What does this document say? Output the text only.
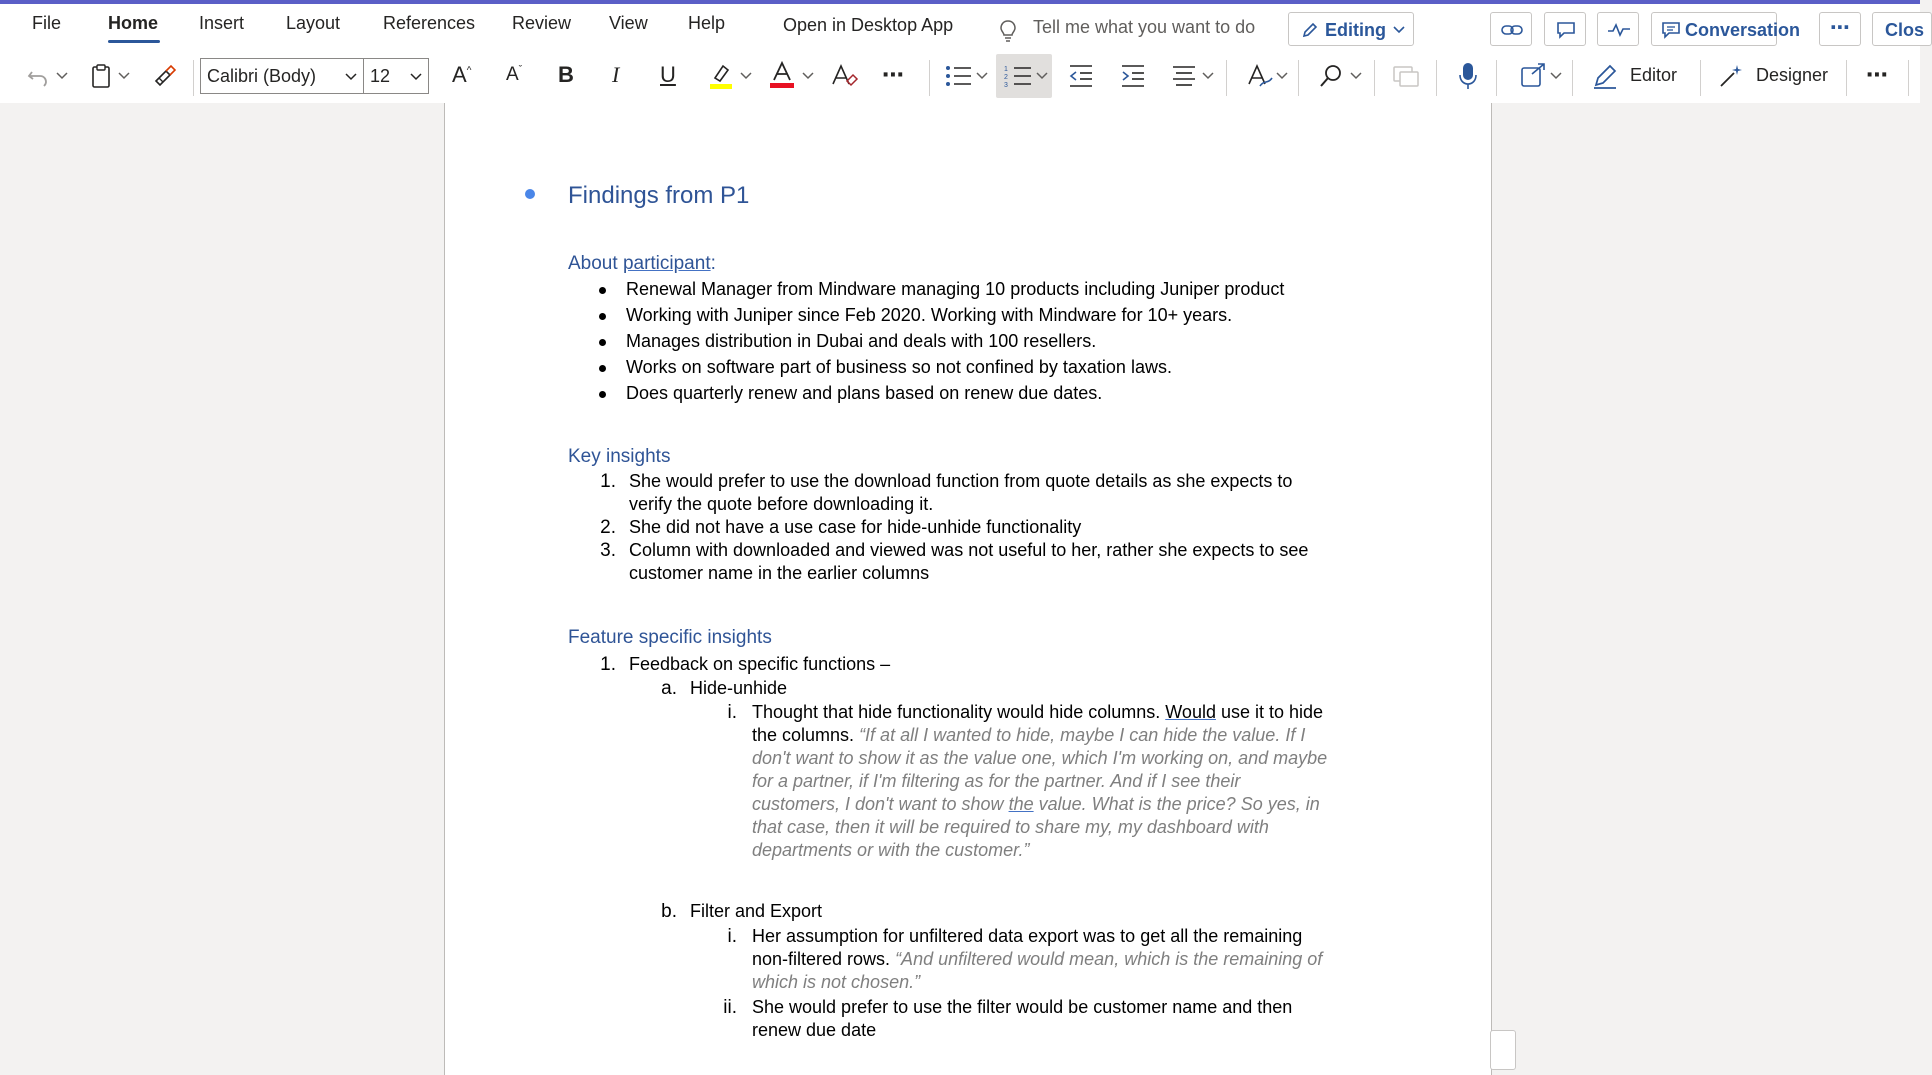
File	Home Insert Layout References Review View Help	Open in Desktop App	Tell me what you want to do	Editing	Conversation ⋯ Clos
Calibri (Body)	12	A^ $A^ˇ$ B I U	⋯	1
2
3
Editor	Designer ⋯
Findings from P1
About participant:
Renewal Manager from Mindware managing 10 products including Juniper product
Working with Juniper since Feb 2020. Working with Mindware for 10+ years.
Manages distribution in Dubai and deals with 100 resellers.
Works on software part of business so not confined by taxation laws.
Does quarterly renew and plans based on renew due dates.
Key insights
1. She would prefer to use the download function from quote details as she expects to
verify the quote before downloading it.
2. She did not have a use case for hide-unhide functionality
3. Column with downloaded and viewed was not useful to her, rather she expects to see
customer name in the earlier columns
Feature specific insights
1. Feedback on specific functions –
a. Hide-unhide
i. Thought that hide functionality would hide columns. Would use it to hide
the columns. “If at all I wanted to hide, maybe I can hide the value. If I
don't want to show it as the value one, which I'm working on, and maybe
for a partner, if I'm filtering as for the partner. And if I see their
customers, I don't want to show the value. What is the price? So yes, in
that case, then it will be required to share my, my dashboard with
departments or with the customer.”
b. Filter and Export
i. Her assumption for unfiltered data export was to get all the remaining
non-filtered rows. “And unfiltered would mean, which is the remaining of
which is not chosen.”
ii. She would prefer to use the filter would be customer name and then
renew due date
